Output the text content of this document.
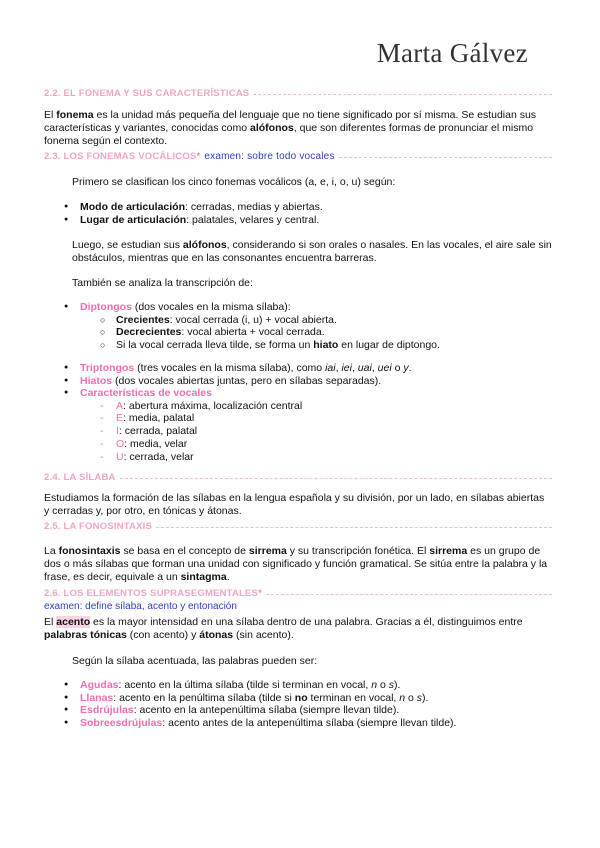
Marta Gálvez
2.2. EL FONEMA Y SUS CARACTERÍSTICAS

El fonema es la unidad más pequeña del lenguaje que no tiene significado por sí misma. Se estudian sus características y variantes, conocidas como alófonos, que son diferentes formas de pronunciar el mismo fonema según el contexto.

2.3. LOS FONEMAS VOCÁLICOS * examen: sobre todo vocales

Primero se clasifican los cinco fonemas vocálicos (a, e, i, o, u) según:

● Modo de articulación: cerradas, medias y abiertas.
● Lugar de articulación: palatales, velares y central.

Luego, se estudian sus alófonos, considerando si son orales o nasales. En las vocales, el aire sale sin obstáculos, mientras que en las consonantes encuentra barreras.

También se analiza la transcripción de:

● Diptongos (dos vocales en la misma sílaba):
○ Crecientes: vocal cerrada (i, u) + vocal abierta.
○ Decrecientes: vocal abierta + vocal cerrada.
○ Si la vocal cerrada lleva tilde, se forma un hiato en lugar de diptongo.
● Triptongos (tres vocales en la misma sílaba), como iai, iei, uai, uei o y.
● Hiatos (dos vocales abiertas juntas, pero en sílabas separadas).
● Características de vocales
- A: abertura máxima, localización central
- E: media, palatal
- I: cerrada, palatal
- O: media, velar
- U: cerrada, velar
2.4. LA SÍLABA

Estudiamos la formación de las sílabas en la lengua española y su división, por un lado, en sílabas abiertas y cerradas y, por otro, en tónicas y átonas.

2.5. LA FONOSINTAXIS

La fonosintaxis se basa en el concepto de sirrema y su transcripción fonética. El sirrema es un grupo de dos o más sílabas que forman una unidad con significado y función gramatical. Se sitúa entre la palabra y la frase, es decir, equivale a un sintagma.

2.6. LOS ELEMENTOS SUPRASEGMENTALES *
examen: define sílaba, acento y entonación

El acento es la mayor intensidad en una sílaba dentro de una palabra. Gracias a él, distinguimos entre palabras tónicas (con acento) y átonas (sin acento).

Según la sílaba acentuada, las palabras pueden ser:

● Agudas: acento en la última sílaba (tilde si terminan en vocal, n o s).
● Llanas: acento en la penúltima sílaba (tilde si no terminan en vocal, n o s).
● Esdrújulas: acento en la antepenúltima sílaba (siempre llevan tilde).
● Sobreesdrújulas: acento antes de la antepenúltima sílaba (siempre llevan tilde).
